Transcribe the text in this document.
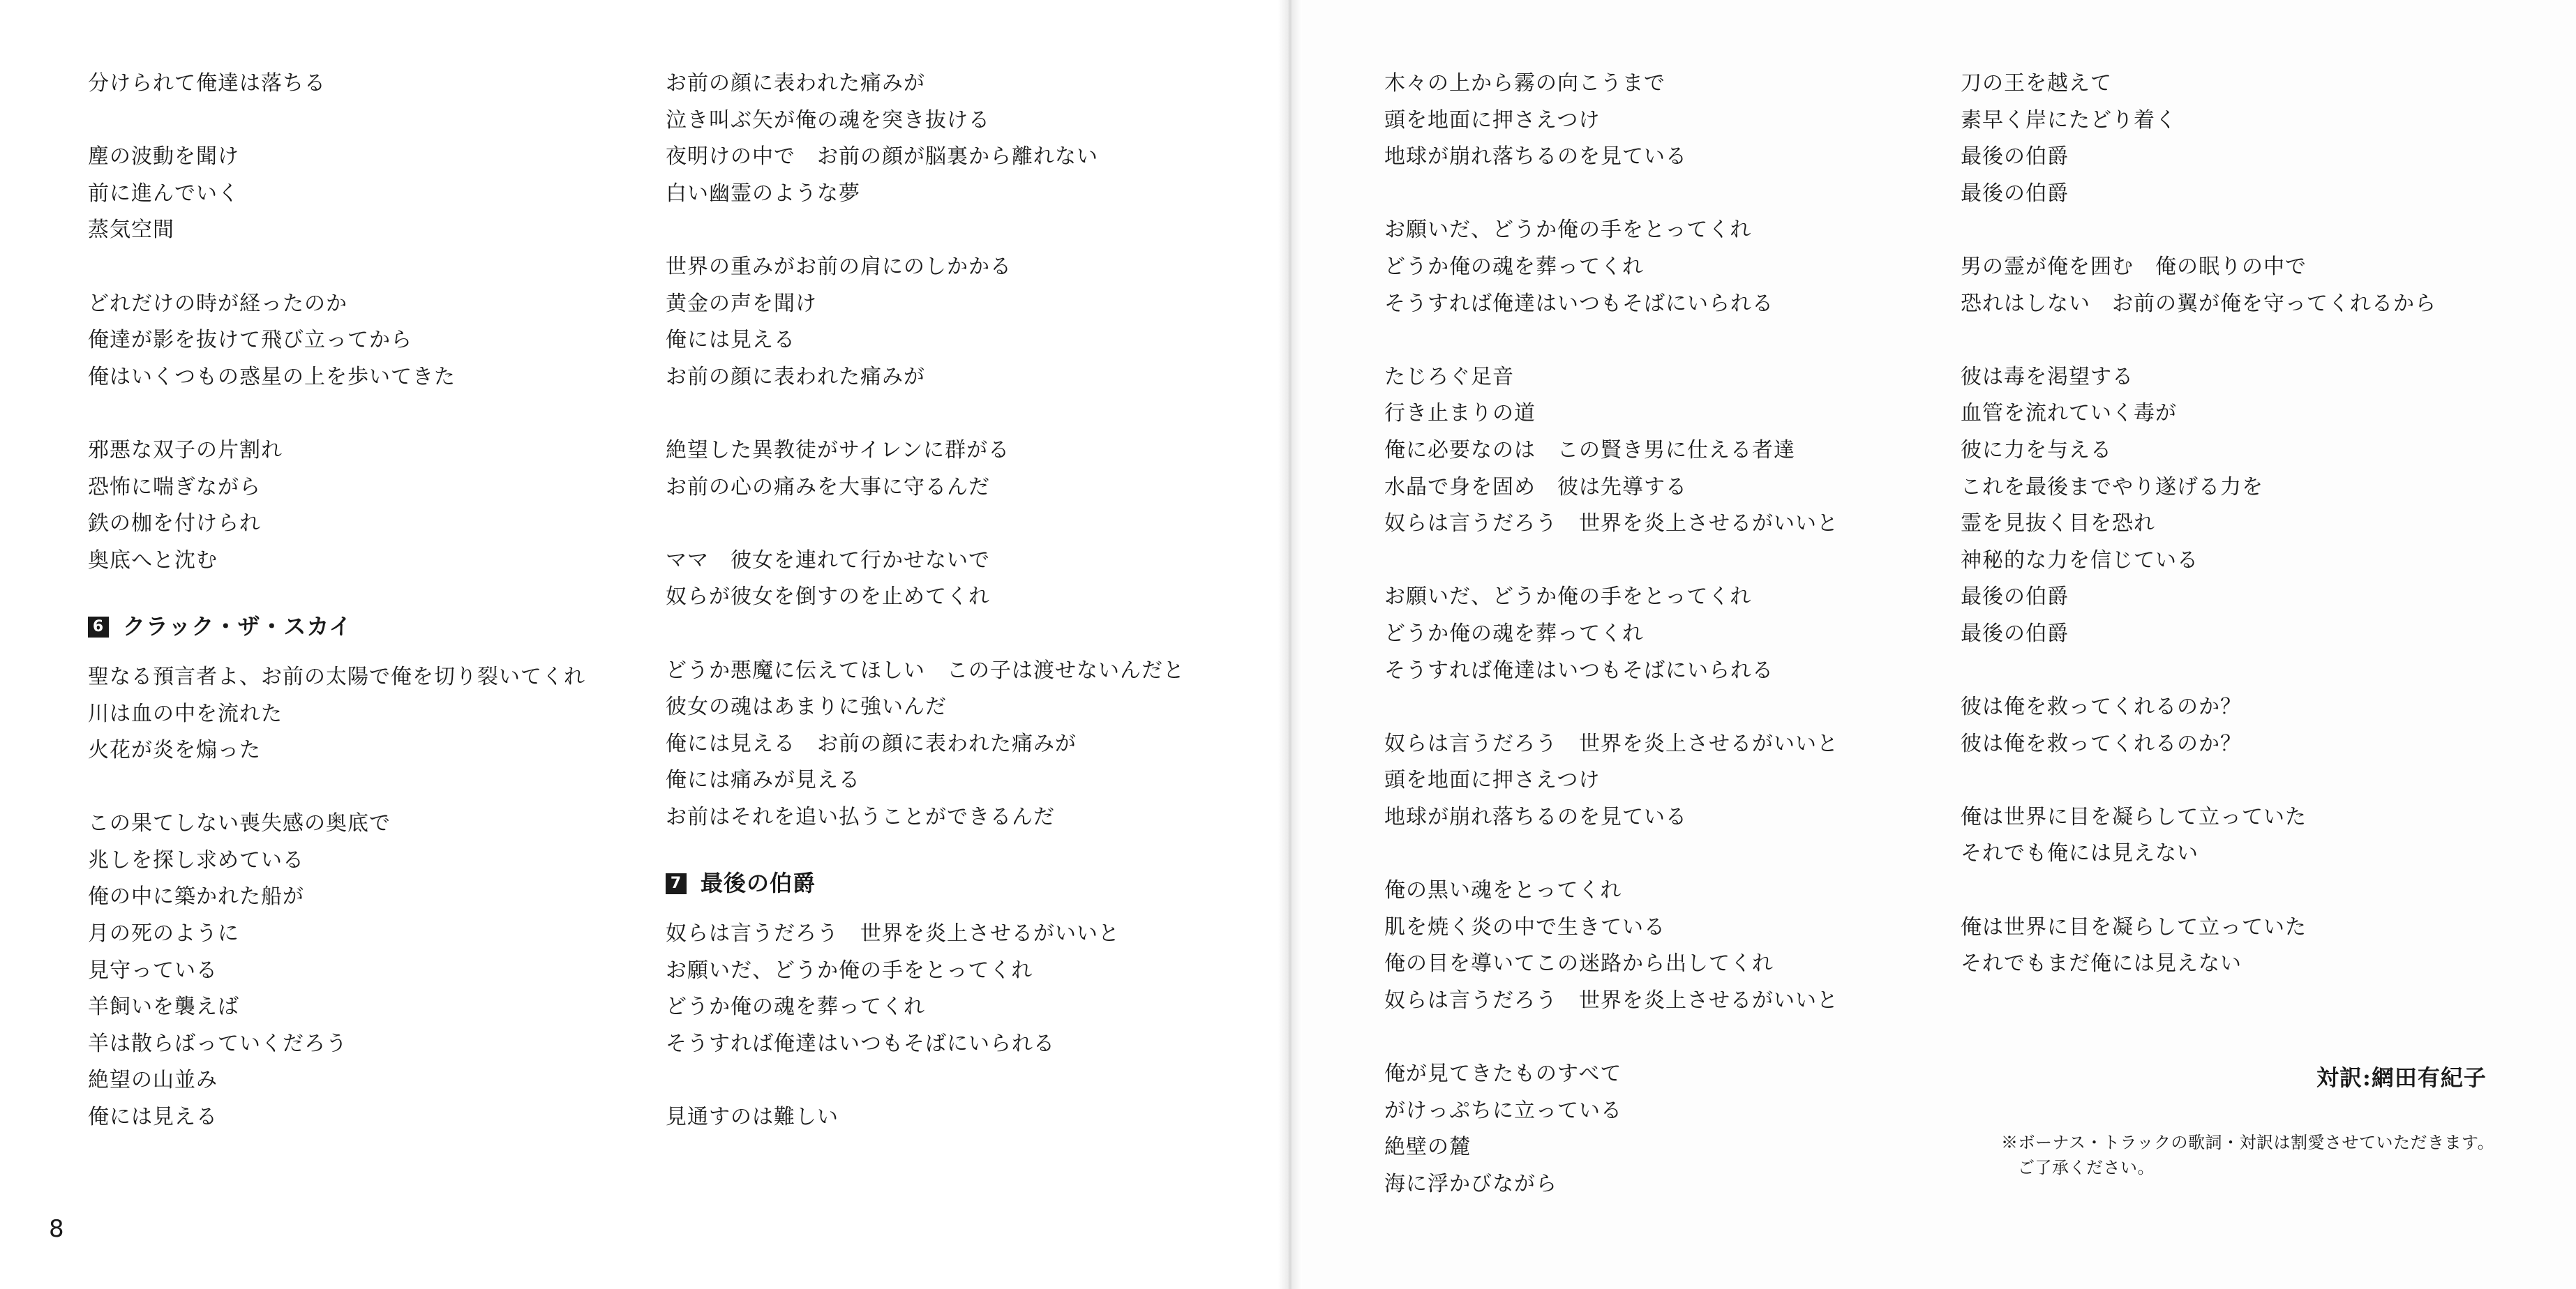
分けられて俺達は落ちる
塵の波動を聞け
前に進んでいく
蒸気空間
どれだけの時が経ったのか
俺達が影を抜けて飛び立ってから
俺はいくつもの惑星の上を歩いてきた
邪悪な双子の片割れ
恐怖に喘ぎながら
鉄の枷を付けられ
奥底へと沈む
6 クラック・ザ・スカイ
聖なる預言者よ、お前の太陽で俺を切り裂いてくれ
川は血の中を流れた
火花が炎を煽った
この果てしない喪失感の奥底で
兆しを探し求めている
俺の中に築かれた船が
月の死のように
見守っている
羊飼いを襲えば
羊は散らばっていくだろう
絶望の山並み
俺には見える
お前の顔に表われた痛みが
泣き叫ぶ矢が俺の魂を突き抜ける
夜明けの中で　お前の顔が脳裏から離れない
白い幽霊のような夢
世界の重みがお前の肩にのしかかる
黄金の声を聞け
俺には見える
お前の顔に表われた痛みが
絶望した異教徒がサイレンに群がる
お前の心の痛みを大事に守るんだ
ママ　彼女を連れて行かせないで
奴らが彼女を倒すのを止めてくれ
どうか悪魔に伝えてほしい　この子は渡せないんだと
彼女の魂はあまりに強いんだ
俺には見える　お前の顔に表われた痛みが
俺には痛みが見える
お前はそれを追い払うことができるんだ
7 最後の伯爵
奴らは言うだろう　世界を炎上させるがいいと
お願いだ、どうか俺の手をとってくれ
どうか俺の魂を葬ってくれ
そうすれば俺達はいつもそばにいられる
見通すのは難しい
木々の上から霧の向こうまで
頭を地面に押さえつけ
地球が崩れ落ちるのを見ている
お願いだ、どうか俺の手をとってくれ
どうか俺の魂を葬ってくれ
そうすれば俺達はいつもそばにいられる
たじろぐ足音
行き止まりの道
俺に必要なのは　この賢き男に仕える者達
水晶で身を固め　彼は先導する
奴らは言うだろう　世界を炎上させるがいいと
お願いだ、どうか俺の手をとってくれ
どうか俺の魂を葬ってくれ
そうすれば俺達はいつもそばにいられる
奴らは言うだろう　世界を炎上させるがいいと
頭を地面に押さえつけ
地球が崩れ落ちるのを見ている
俺の黒い魂をとってくれ
肌を焼く炎の中で生きている
俺の目を導いてこの迷路から出してくれ
奴らは言うだろう　世界を炎上させるがいいと
俺が見てきたものすべて
がけっぷちに立っている
絶壁の麓
海に浮かびながら
刀の王を越えて
素早く岸にたどり着く
最後の伯爵
最後の伯爵
男の霊が俺を囲む　俺の眠りの中で
恐れはしない　お前の翼が俺を守ってくれるから
彼は毒を渇望する
血管を流れていく毒が
彼に力を与える
これを最後までやり遂げる力を
霊を見抜く目を恐れ
神秘的な力を信じている
最後の伯爵
最後の伯爵
彼は俺を救ってくれるのか？
彼は俺を救ってくれるのか？
俺は世界に目を凝らして立っていた
それでも俺には見えない
俺は世界に目を凝らして立っていた
それでもまだ俺には見えない
8
対訳:網田有紀子
※ボーナス・トラックの歌詞・対訳は割愛させていただきます。
ご了承ください。
